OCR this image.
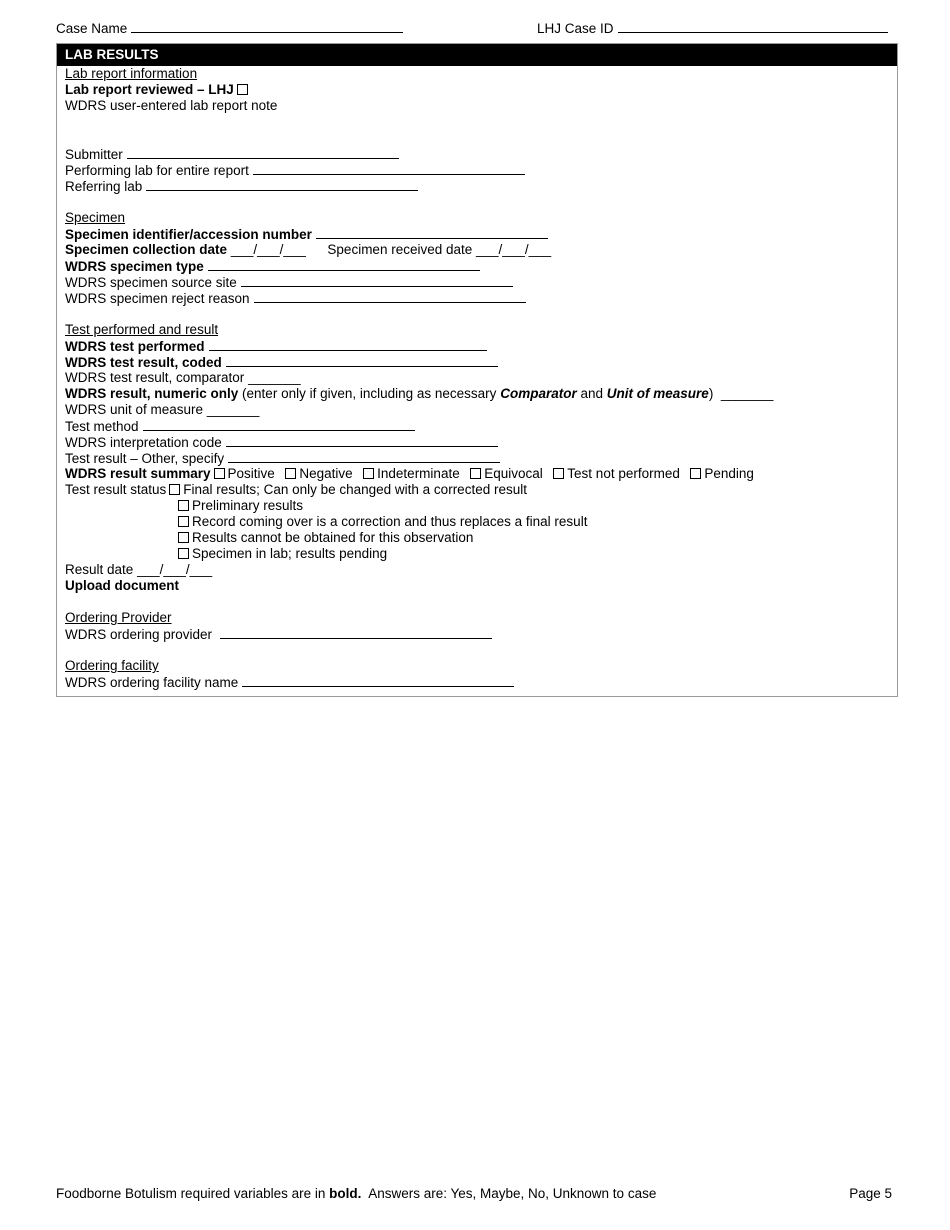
Case Name	LHJ Case ID
LAB RESULTS
Lab report information
Lab report reviewed – LHJ
WDRS user-entered lab report note
Submitter
Performing lab for entire report
Referring lab
Specimen
Specimen identifier/accession number
Specimen collection date ___/___/___ Specimen received date ___/___/___
WDRS specimen type
WDRS specimen source site
WDRS specimen reject reason
Test performed and result
WDRS test performed
WDRS test result, coded
WDRS test result, comparator _______
WDRS result, numeric only (enter only if given, including as necessary Comparator and Unit of measure) _______
WDRS unit of measure _______
Test method
WDRS interpretation code
Test result – Other, specify
WDRS result summary Positive Negative Indeterminate Equivocal Test not performed Pending
Test result status Final results; Can only be changed with a corrected result
Preliminary results
Record coming over is a correction and thus replaces a final result
Results cannot be obtained for this observation
Specimen in lab; results pending
Result date ___/___/___
Upload document
Ordering Provider
WDRS ordering provider
Ordering facility
WDRS ordering facility name
Foodborne Botulism required variables are in bold. Answers are: Yes, Maybe, No, Unknown to case	Page 5
